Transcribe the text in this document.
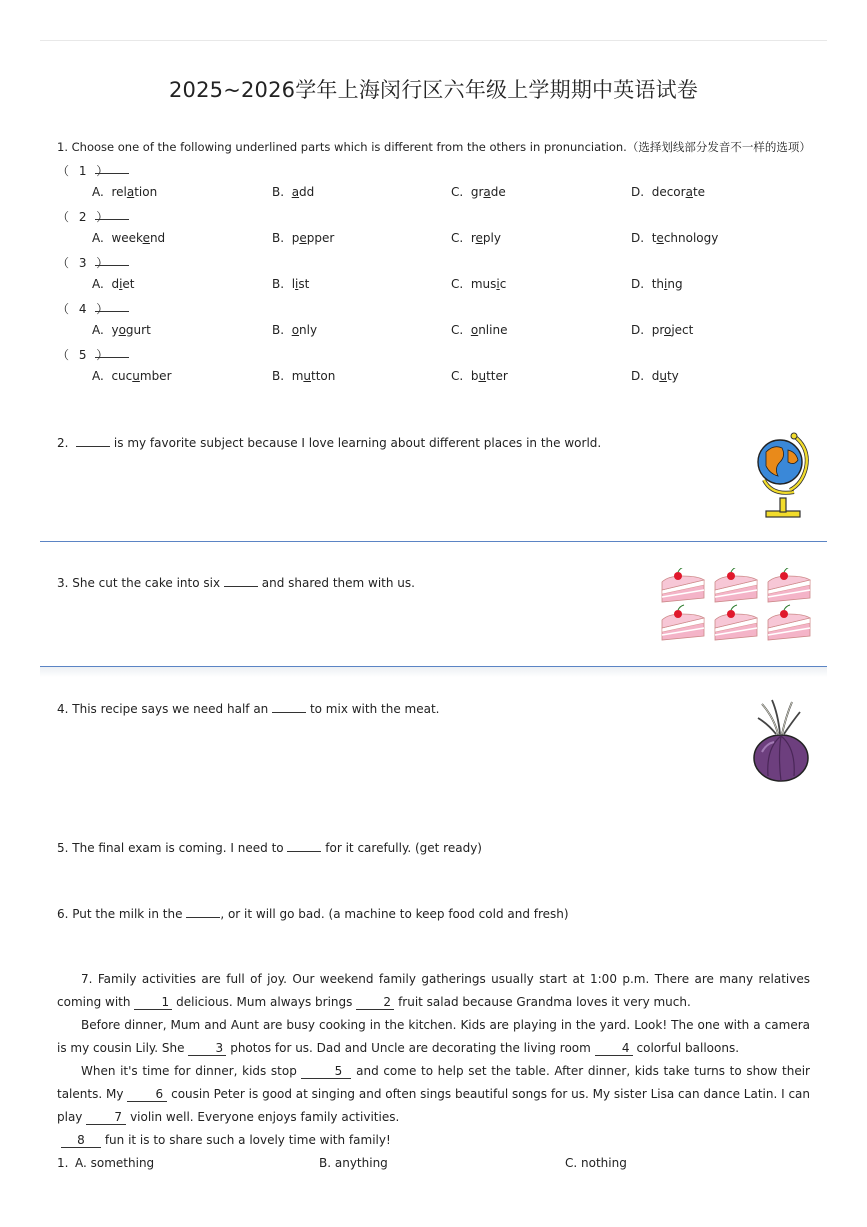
2025~2026学年上海闵行区六年级上学期期中英语试卷
1. Choose one of the following underlined parts which is different from the others in pronunciation.（选择划线部分发音不一样的选项）
（ 1 ）
A. relation	B. add	C. grade	D. decorate
（ 2 ）
A. weekend	B. pepper	C. reply	D. technology
（ 3 ）
A. diet	B. list	C. music	D. thing
（ 4 ）
A. yogurt	B. only	C. online	D. project
（ 5 ）
A. cucumber	B. mutton	C. butter	D. duty
2.	is my favorite subject because I love learning about different places in the world.
3. She cut the cake into six	and shared them with us.
4. This recipe says we need half an	to mix with the meat.
5. The final exam is coming. I need to	for it carefully. (get ready)
6. Put the milk in the	, or it will go bad. (a machine to keep food cold and fresh)

7. Family activities are full of joy. Our weekend family gatherings usually start at 1:00 p.m. There are many relatives coming with	1 delicious. Mum always brings	2 fruit salad because Grandma loves it very much.

Before dinner, Mum and Aunt are busy cooking in the kitchen. Kids are playing in the yard. Look! The one with a camera is my cousin Lily. She	3 photos for us. Dad and Uncle are decorating the living room	4 colorful balloons.

When it's time for dinner, kids stop	5 and come to help set the table. After dinner, kids take turns to show their talents. My	6 cousin Peter is good at singing and often sings beautiful songs for us. My sister Lisa can dance Latin. I can play	7 violin well. Everyone enjoys family activities.

8 fun it is to share such a lovely time with family!

1. A. something	B. anything	C. nothing
